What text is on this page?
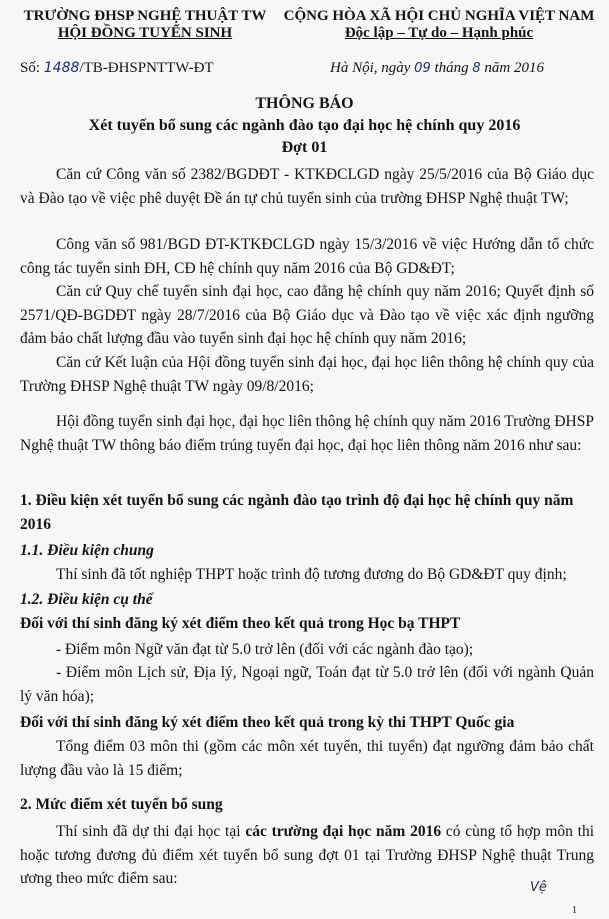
TRƯỜNG ĐHSP NGHỆ THUẬT TW
HỘI ĐỒNG TUYỂN SINH
CỘNG HÒA XÃ HỘI CHỦ NGHĨA VIỆT NAM
Độc lập – Tự do – Hạnh phúc
Số: 1488/TB-ĐHSPNTTW-ĐT	Hà Nội, ngày 09 tháng 8 năm 2016
THÔNG BÁO
Xét tuyển bổ sung các ngành đào tạo đại học hệ chính quy 2016
Đợt 01
Căn cứ Công văn số 2382/BGDĐT - KTKĐCLGD ngày 25/5/2016 của Bộ Giáo dục và Đào tạo về việc phê duyệt Đề án tự chủ tuyển sinh của trường ĐHSP Nghệ thuật TW;
Công văn số 981/BGD ĐT-KTKĐCLGD ngày 15/3/2016 về việc Hướng dẫn tổ chức công tác tuyển sinh ĐH, CĐ hệ chính quy năm 2016 của Bộ GD&ĐT;
Căn cứ Quy chế tuyển sinh đại học, cao đẳng hệ chính quy năm 2016; Quyết định số 2571/QĐ-BGDĐT ngày 28/7/2016 của Bộ Giáo dục và Đào tạo về việc xác định ngưỡng đảm bảo chất lượng đầu vào tuyển sinh đại học hệ chính quy năm 2016;
Căn cứ Kết luận của Hội đồng tuyển sinh đại học, đại học liên thông hệ chính quy của Trường ĐHSP Nghệ thuật TW ngày 09/8/2016;
Hội đồng tuyển sinh đại học, đại học liên thông hệ chính quy năm 2016 Trường ĐHSP Nghệ thuật TW thông báo điểm trúng tuyển đại học, đại học liên thông năm 2016 như sau:
1. Điều kiện xét tuyển bổ sung các ngành đào tạo trình độ đại học hệ chính quy năm 2016
1.1. Điều kiện chung
Thí sinh đã tốt nghiệp THPT hoặc trình độ tương đương do Bộ GD&ĐT quy định;
1.2. Điều kiện cụ thể
Đối với thí sinh đăng ký xét điểm theo kết quả trong Học bạ THPT
- Điểm môn Ngữ văn đạt từ 5.0 trở lên (đối với các ngành đào tạo);
- Điểm môn Lịch sử, Địa lý, Ngoại ngữ, Toán đạt từ 5.0 trở lên (đối với ngành Quản lý văn hóa);
Đối với thí sinh đăng ký xét điểm theo kết quả trong kỳ thi THPT Quốc gia
Tổng điểm 03 môn thi (gồm các môn xét tuyển, thi tuyển) đạt ngưỡng đảm bảo chất lượng đầu vào là 15 điểm;
2. Mức điểm xét tuyển bổ sung
Thí sinh đã dự thi đại học tại các trường đại học năm 2016 có cùng tổ hợp môn thi hoặc tương đương đủ điểm xét tuyển bổ sung đợt 01 tại Trường ĐHSP Nghệ thuật Trung ương theo mức điểm sau:
Vệ
1
